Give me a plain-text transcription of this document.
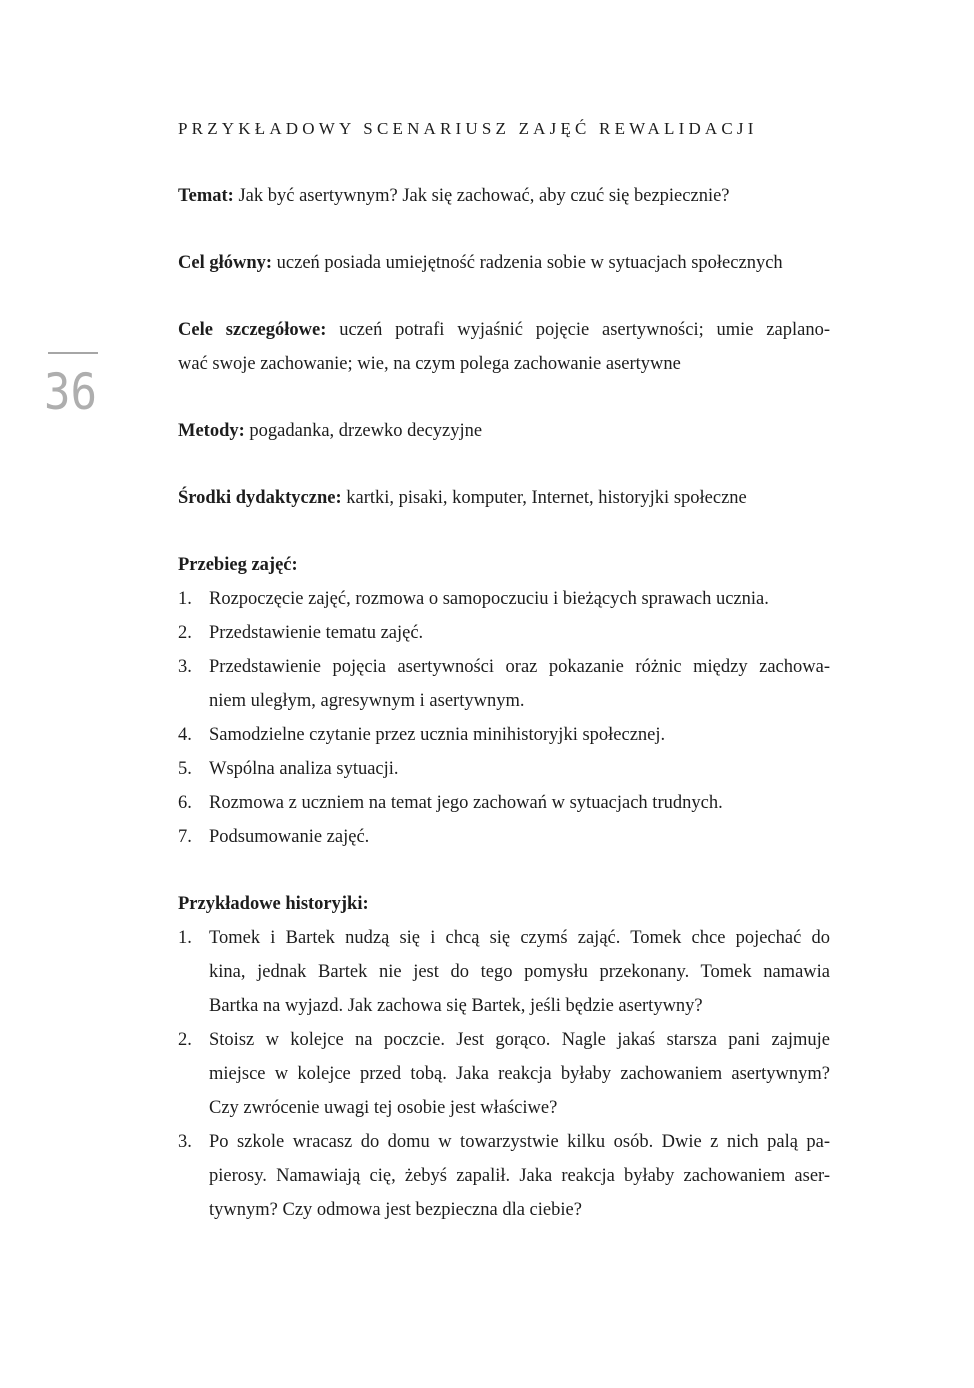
36
PRZYKŁADOWY SCENARIUSZ ZAJĘĆ REWALIDACJI
Temat: Jak być asertywnym? Jak się zachować, aby czuć się bezpiecznie?
Cel główny: uczeń posiada umiejętność radzenia sobie w sytuacjach społecznych
Cele szczegółowe: uczeń potrafi wyjaśnić pojęcie asertywności; umie zaplano-
wać swoje zachowanie; wie, na czym polega zachowanie asertywne
Metody: pogadanka, drzewko decyzyjne
Środki dydaktyczne: kartki, pisaki, komputer, Internet, historyjki społeczne
Przebieg zajęć:
1. Rozpoczęcie zajęć, rozmowa o samopoczuciu i bieżących sprawach ucznia.
2. Przedstawienie tematu zajęć.
3. Przedstawienie pojęcia asertywności oraz pokazanie różnic między zachowa-
niem uległym, agresywnym i asertywnym.
4. Samodzielne czytanie przez ucznia minihistoryjki społecznej.
5. Wspólna analiza sytuacji.
6. Rozmowa z uczniem na temat jego zachowań w sytuacjach trudnych.
7. Podsumowanie zajęć.
Przykładowe historyjki:
1. Tomek i Bartek nudzą się i chcą się czymś zająć. Tomek chce pojechać do
kina, jednak Bartek nie jest do tego pomysłu przekonany. Tomek namawia
Bartka na wyjazd. Jak zachowa się Bartek, jeśli będzie asertywny?
2. Stoisz w kolejce na poczcie. Jest gorąco. Nagle jakaś starsza pani zajmuje
miejsce w kolejce przed tobą. Jaka reakcja byłaby zachowaniem asertywnym?
Czy zwrócenie uwagi tej osobie jest właściwe?
3. Po szkole wracasz do domu w towarzystwie kilku osób. Dwie z nich palą pa-
pierosy. Namawiają cię, żebyś zapalił. Jaka reakcja byłaby zachowaniem aser-
tywnym? Czy odmowa jest bezpieczna dla ciebie?
